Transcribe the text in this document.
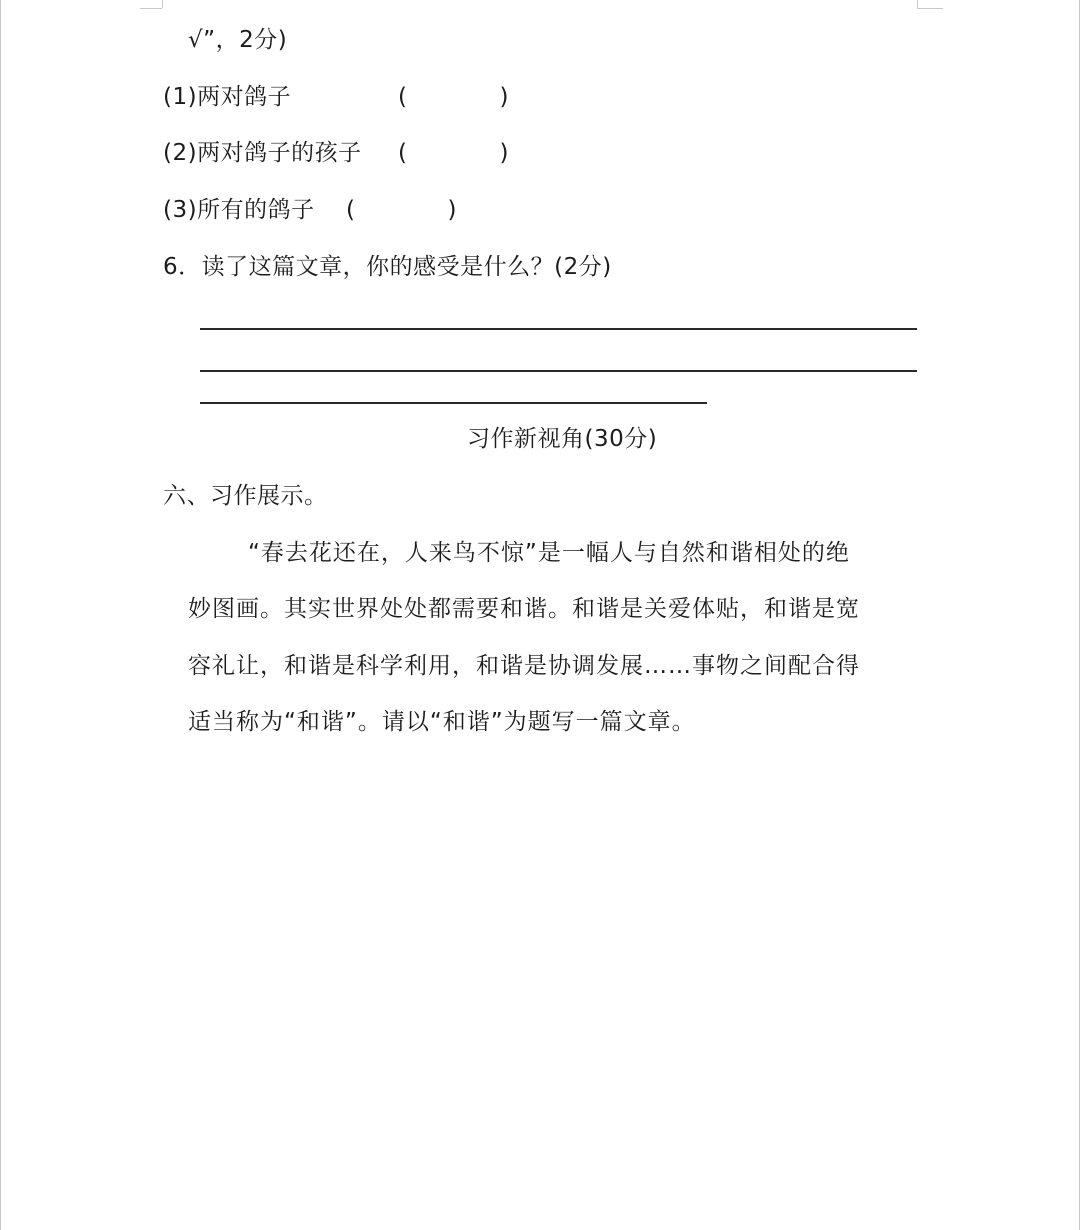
√”，2分)
(1)两对鸽子	(	)
(2)两对鸽子的孩子 (	)
(3)所有的鸽子 (	)
6．读了这篇文章，你的感受是什么？(2分)
习作新视角(30分)
六、习作展示。
“春去花还在，人来鸟不惊”是一幅人与自然和谐相处的绝
妙图画。其实世界处处都需要和谐。和谐是关爱体贴，和谐是宽
容礼让，和谐是科学利用，和谐是协调发展……事物之间配合得
适当称为“和谐”。请以“和谐”为题写一篇文章。
